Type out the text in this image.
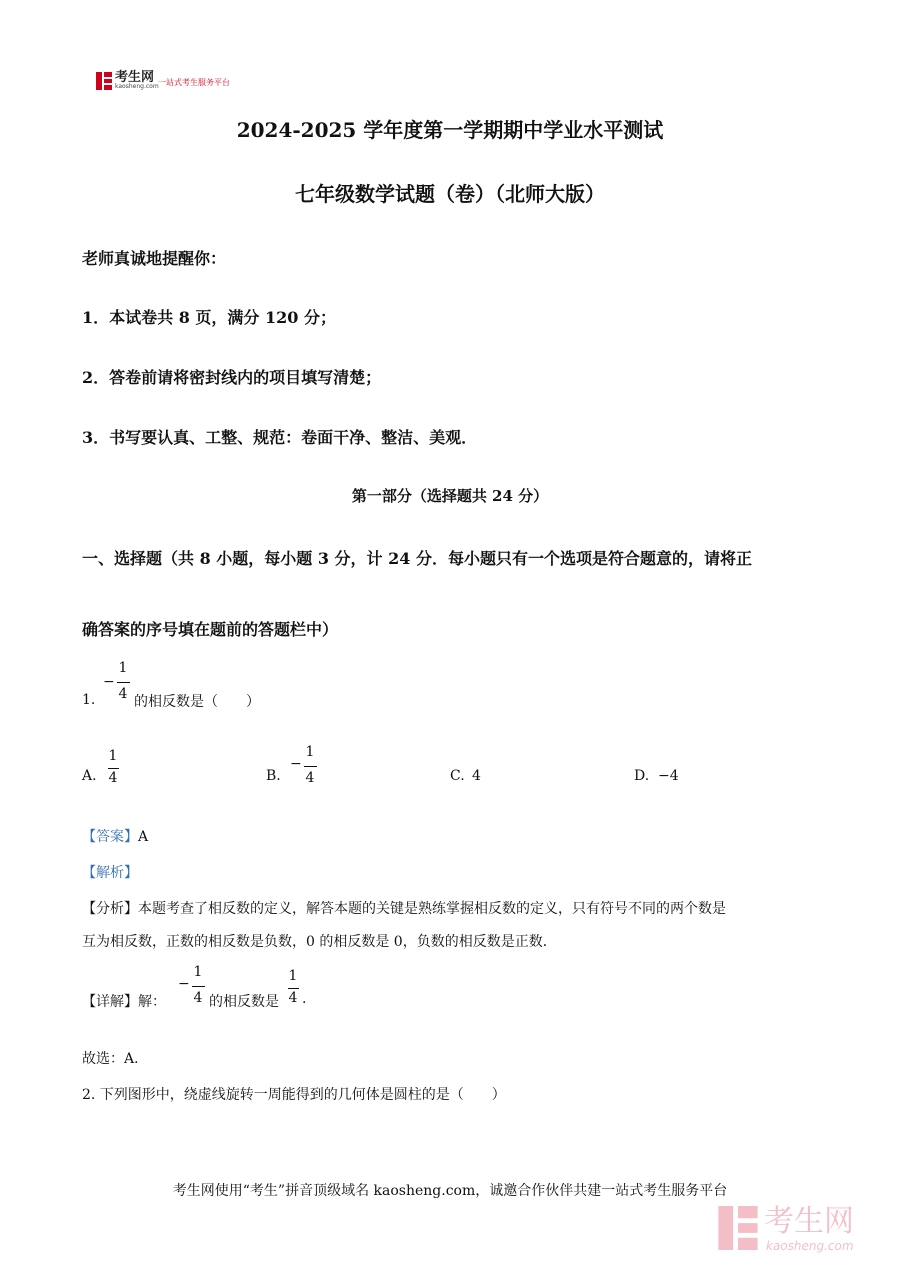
考生网
kaosheng.com 一站式考生服务平台
2024-2025 学年度第一学期期中学业水平测试
七年级数学试题（卷）（北师大版）
老师真诚地提醒你：
1．本试卷共 8 页，满分 120 分；
2．答卷前请将密封线内的项目填写清楚；
3．书写要认真、工整、规范：卷面干净、整洁、美观．
第一部分（选择题共 24 分）
一、选择题（共 8 小题，每小题 3 分，计 24 分．每小题只有一个选项是符合题意的，请将正
确答案的序号填在题前的答题栏中）
1.
−
1
4 的相反数是（　　）
A.
1
4	B.
−
1
4	C. 4	D. −4
【答案】A
【解析】
【分析】本题考查了相反数的定义，解答本题的关键是熟练掌握相反数的定义，只有符号不同的两个数是
互为相反数，正数的相反数是负数，0 的相反数是 0，负数的相反数是正数．
【详解】解：
−
1
4 的相反数是
1
4 .
故选：A．
2. 下列图形中，绕虚线旋转一周能得到的几何体是圆柱的是（　　）
考生网使用“考生”拼音顶级域名 kaosheng.com，诚邀合作伙伴共建一站式考生服务平台
考生网
kaosheng.com
